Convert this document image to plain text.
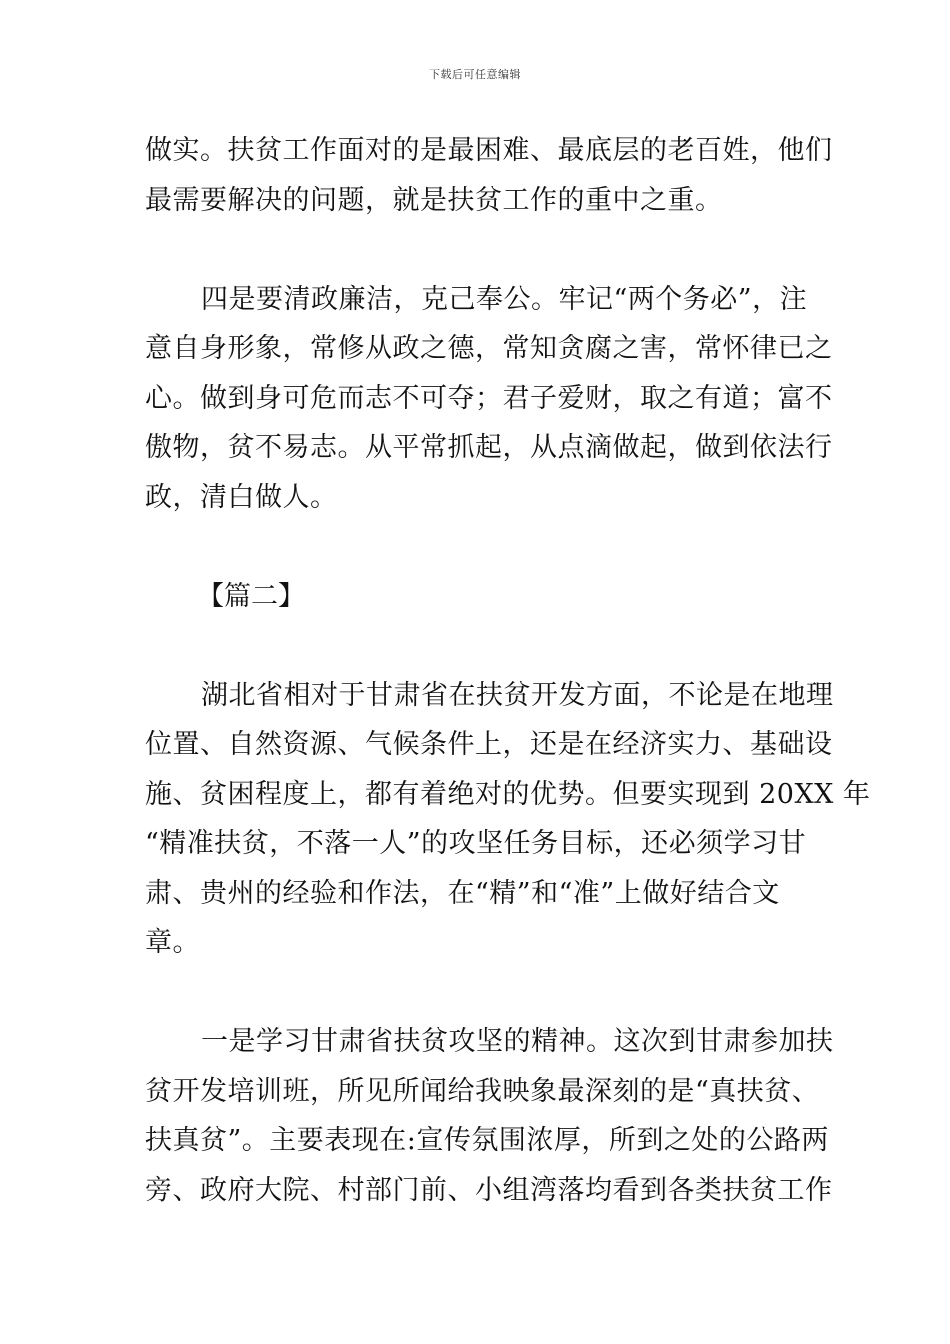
下载后可任意编辑
做实。扶贫工作面对的是最困难、最底层的老百姓，他们
最需要解决的问题，就是扶贫工作的重中之重。
四是要清政廉洁，克己奉公。牢记“两个务必”，注
意自身形象，常修从政之德，常知贪腐之害，常怀律已之
心。做到身可危而志不可夺；君子爱财，取之有道；富不
傲物，贫不易志。从平常抓起，从点滴做起，做到依法行
政，清白做人。
【篇二】
湖北省相对于甘肃省在扶贫开发方面，不论是在地理
位置、自然资源、气候条件上，还是在经济实力、基础设
施、贫困程度上，都有着绝对的优势。但要实现到 20XX 年
“精准扶贫，不落一人”的攻坚任务目标，还必须学习甘
肃、贵州的经验和作法，在“精”和“准”上做好结合文
章。
一是学习甘肃省扶贫攻坚的精神。这次到甘肃参加扶
贫开发培训班，所见所闻给我映象最深刻的是“真扶贫、
扶真贫”。主要表现在:宣传氛围浓厚，所到之处的公路两
旁、政府大院、村部门前、小组湾落均看到各类扶贫工作
